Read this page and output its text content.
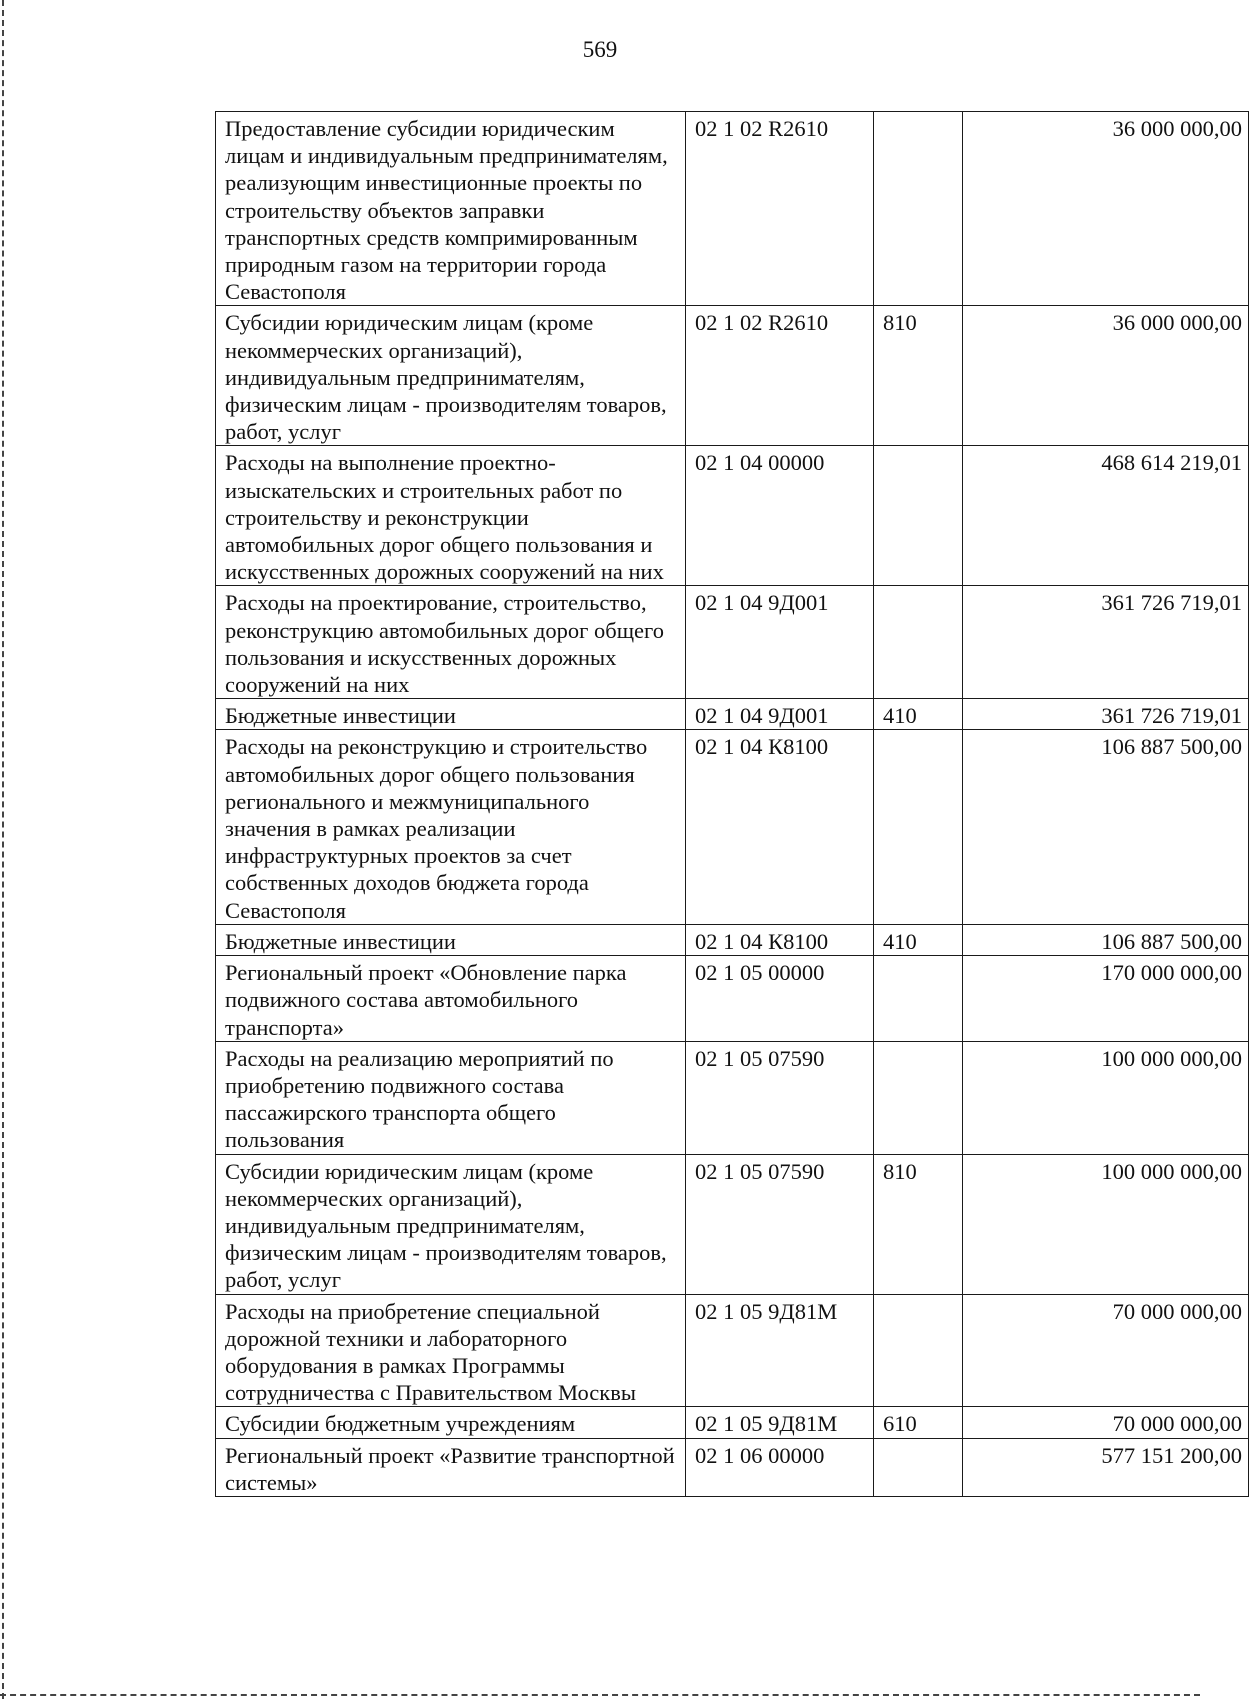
569
Предоставление субсидии юридическим лицам и индивидуальным предпринимателям, реализующим инвестиционные проекты по строительству объектов заправки транспортных средств компримированным природным газом на территории города Севастополя	02 1 02 R2610		36 000 000,00
Субсидии юридическим лицам (кроме некоммерческих организаций), индивидуальным предпринимателям, физическим лицам - производителям товаров, работ, услуг	02 1 02 R2610	810	36 000 000,00
Расходы на выполнение проектно-изыскательских и строительных работ по строительству и реконструкции автомобильных дорог общего пользования и искусственных дорожных сооружений на них	02 1 04 00000		468 614 219,01
Расходы на проектирование, строительство, реконструкцию автомобильных дорог общего пользования и искусственных дорожных сооружений на них	02 1 04 9Д001		361 726 719,01
Бюджетные инвестиции	02 1 04 9Д001	410	361 726 719,01
Расходы на реконструкцию и строительство автомобильных дорог общего пользования регионального и межмуниципального значения в рамках реализации инфраструктурных проектов за счет собственных доходов бюджета города Севастополя	02 1 04 К8100		106 887 500,00
Бюджетные инвестиции	02 1 04 К8100	410	106 887 500,00
Региональный проект «Обновление парка подвижного состава автомобильного транспорта»	02 1 05 00000		170 000 000,00
Расходы на реализацию мероприятий по приобретению подвижного состава пассажирского транспорта общего пользования	02 1 05 07590		100 000 000,00
Субсидии юридическим лицам (кроме некоммерческих организаций), индивидуальным предпринимателям, физическим лицам - производителям товаров, работ, услуг	02 1 05 07590	810	100 000 000,00
Расходы на приобретение специальной дорожной техники и лабораторного оборудования в рамках Программы сотрудничества с Правительством Москвы	02 1 05 9Д81М		70 000 000,00
Субсидии бюджетным учреждениям	02 1 05 9Д81М	610	70 000 000,00
Региональный проект «Развитие транспортной системы»	02 1 06 00000		577 151 200,00
